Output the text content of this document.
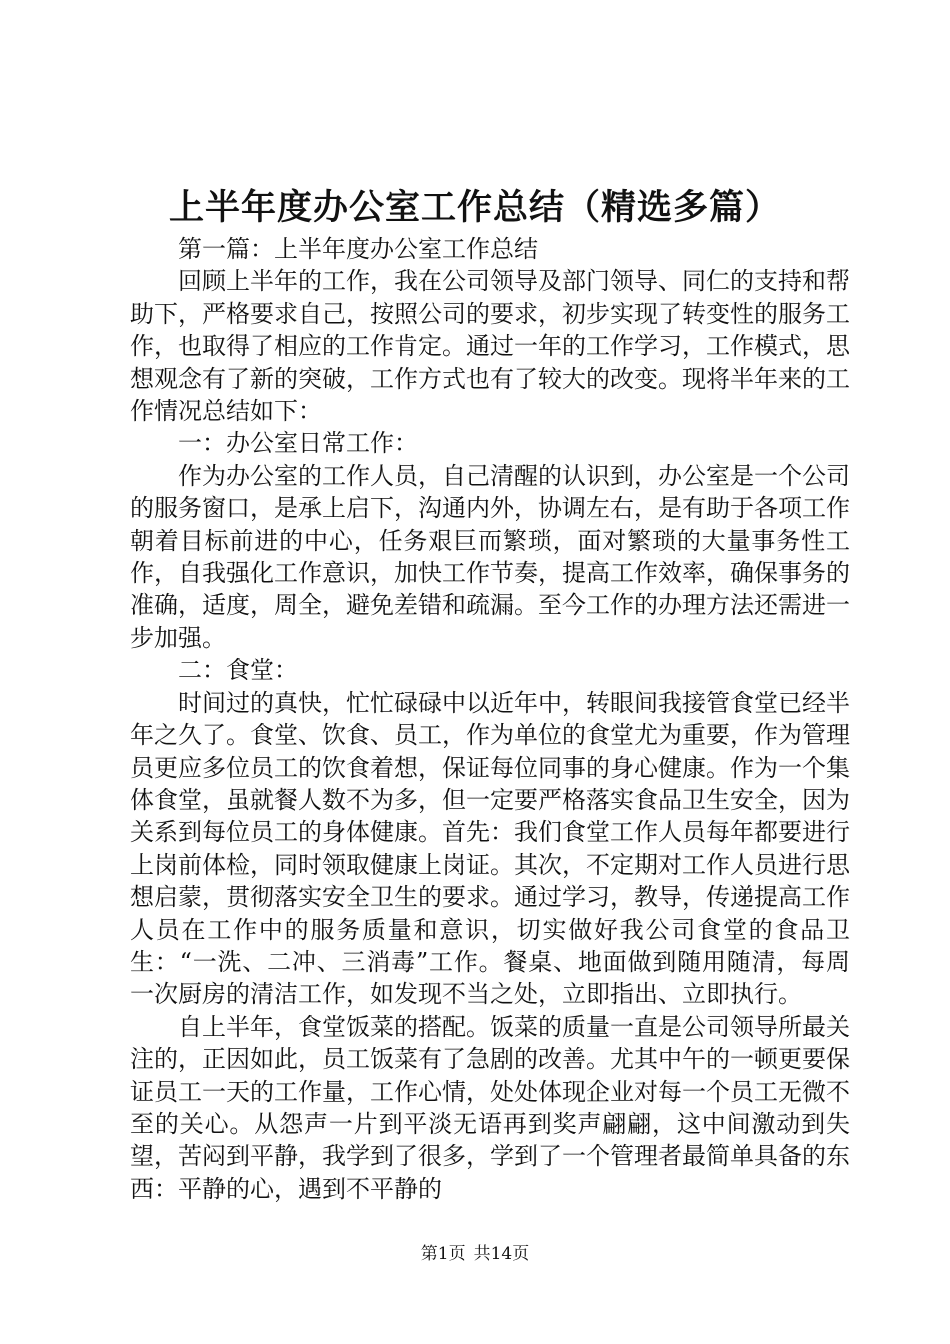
上半年度办公室工作总结（精选多篇）

第一篇：上半年度办公室工作总结

回顾上半年的工作，我在公司领导及部门领导、同仁的支持和帮助下，严格要求自己，按照公司的要求，初步实现了转变性的服务工作，也取得了相应的工作肯定。通过一年的工作学习，工作模式，思想观念有了新的突破，工作方式也有了较大的改变。现将半年来的工作情况总结如下：

一：办公室日常工作：

作为办公室的工作人员，自己清醒的认识到，办公室是一个公司的服务窗口，是承上启下，沟通内外，协调左右，是有助于各项工作朝着目标前进的中心，任务艰巨而繁琐，面对繁琐的大量事务性工作，自我强化工作意识，加快工作节奏，提高工作效率，确保事务的准确，适度，周全，避免差错和疏漏。至今工作的办理方法还需进一步加强。

二：食堂：

时间过的真快，忙忙碌碌中以近年中，转眼间我接管食堂已经半年之久了。食堂、饮食、员工，作为单位的食堂尤为重要，作为管理员更应多位员工的饮食着想，保证每位同事的身心健康。作为一个集体食堂，虽就餐人数不为多，但一定要严格落实食品卫生安全，因为关系到每位员工的身体健康。首先：我们食堂工作人员每年都要进行上岗前体检，同时领取健康上岗证。其次，不定期对工作人员进行思想启蒙，贯彻落实安全卫生的要求。通过学习，教导，传递提高工作人员在工作中的服务质量和意识，切实做好我公司食堂的食品卫生：“一洗、二冲、三消毒”工作。餐桌、地面做到随用随清，每周一次厨房的清洁工作，如发现不当之处，立即指出、立即执行。

自上半年，食堂饭菜的搭配。饭菜的质量一直是公司领导所最关注的，正因如此，员工饭菜有了急剧的改善。尤其中午的一顿更要保证员工一天的工作量，工作心情，处处体现企业对每一个员工无微不至的关心。从怨声一片到平淡无语再到奖声翩翩，这中间激动到失望，苦闷到平静，我学到了很多，学到了一个管理者最简单具备的东西：平静的心，遇到不平静的

第1页 共14页
